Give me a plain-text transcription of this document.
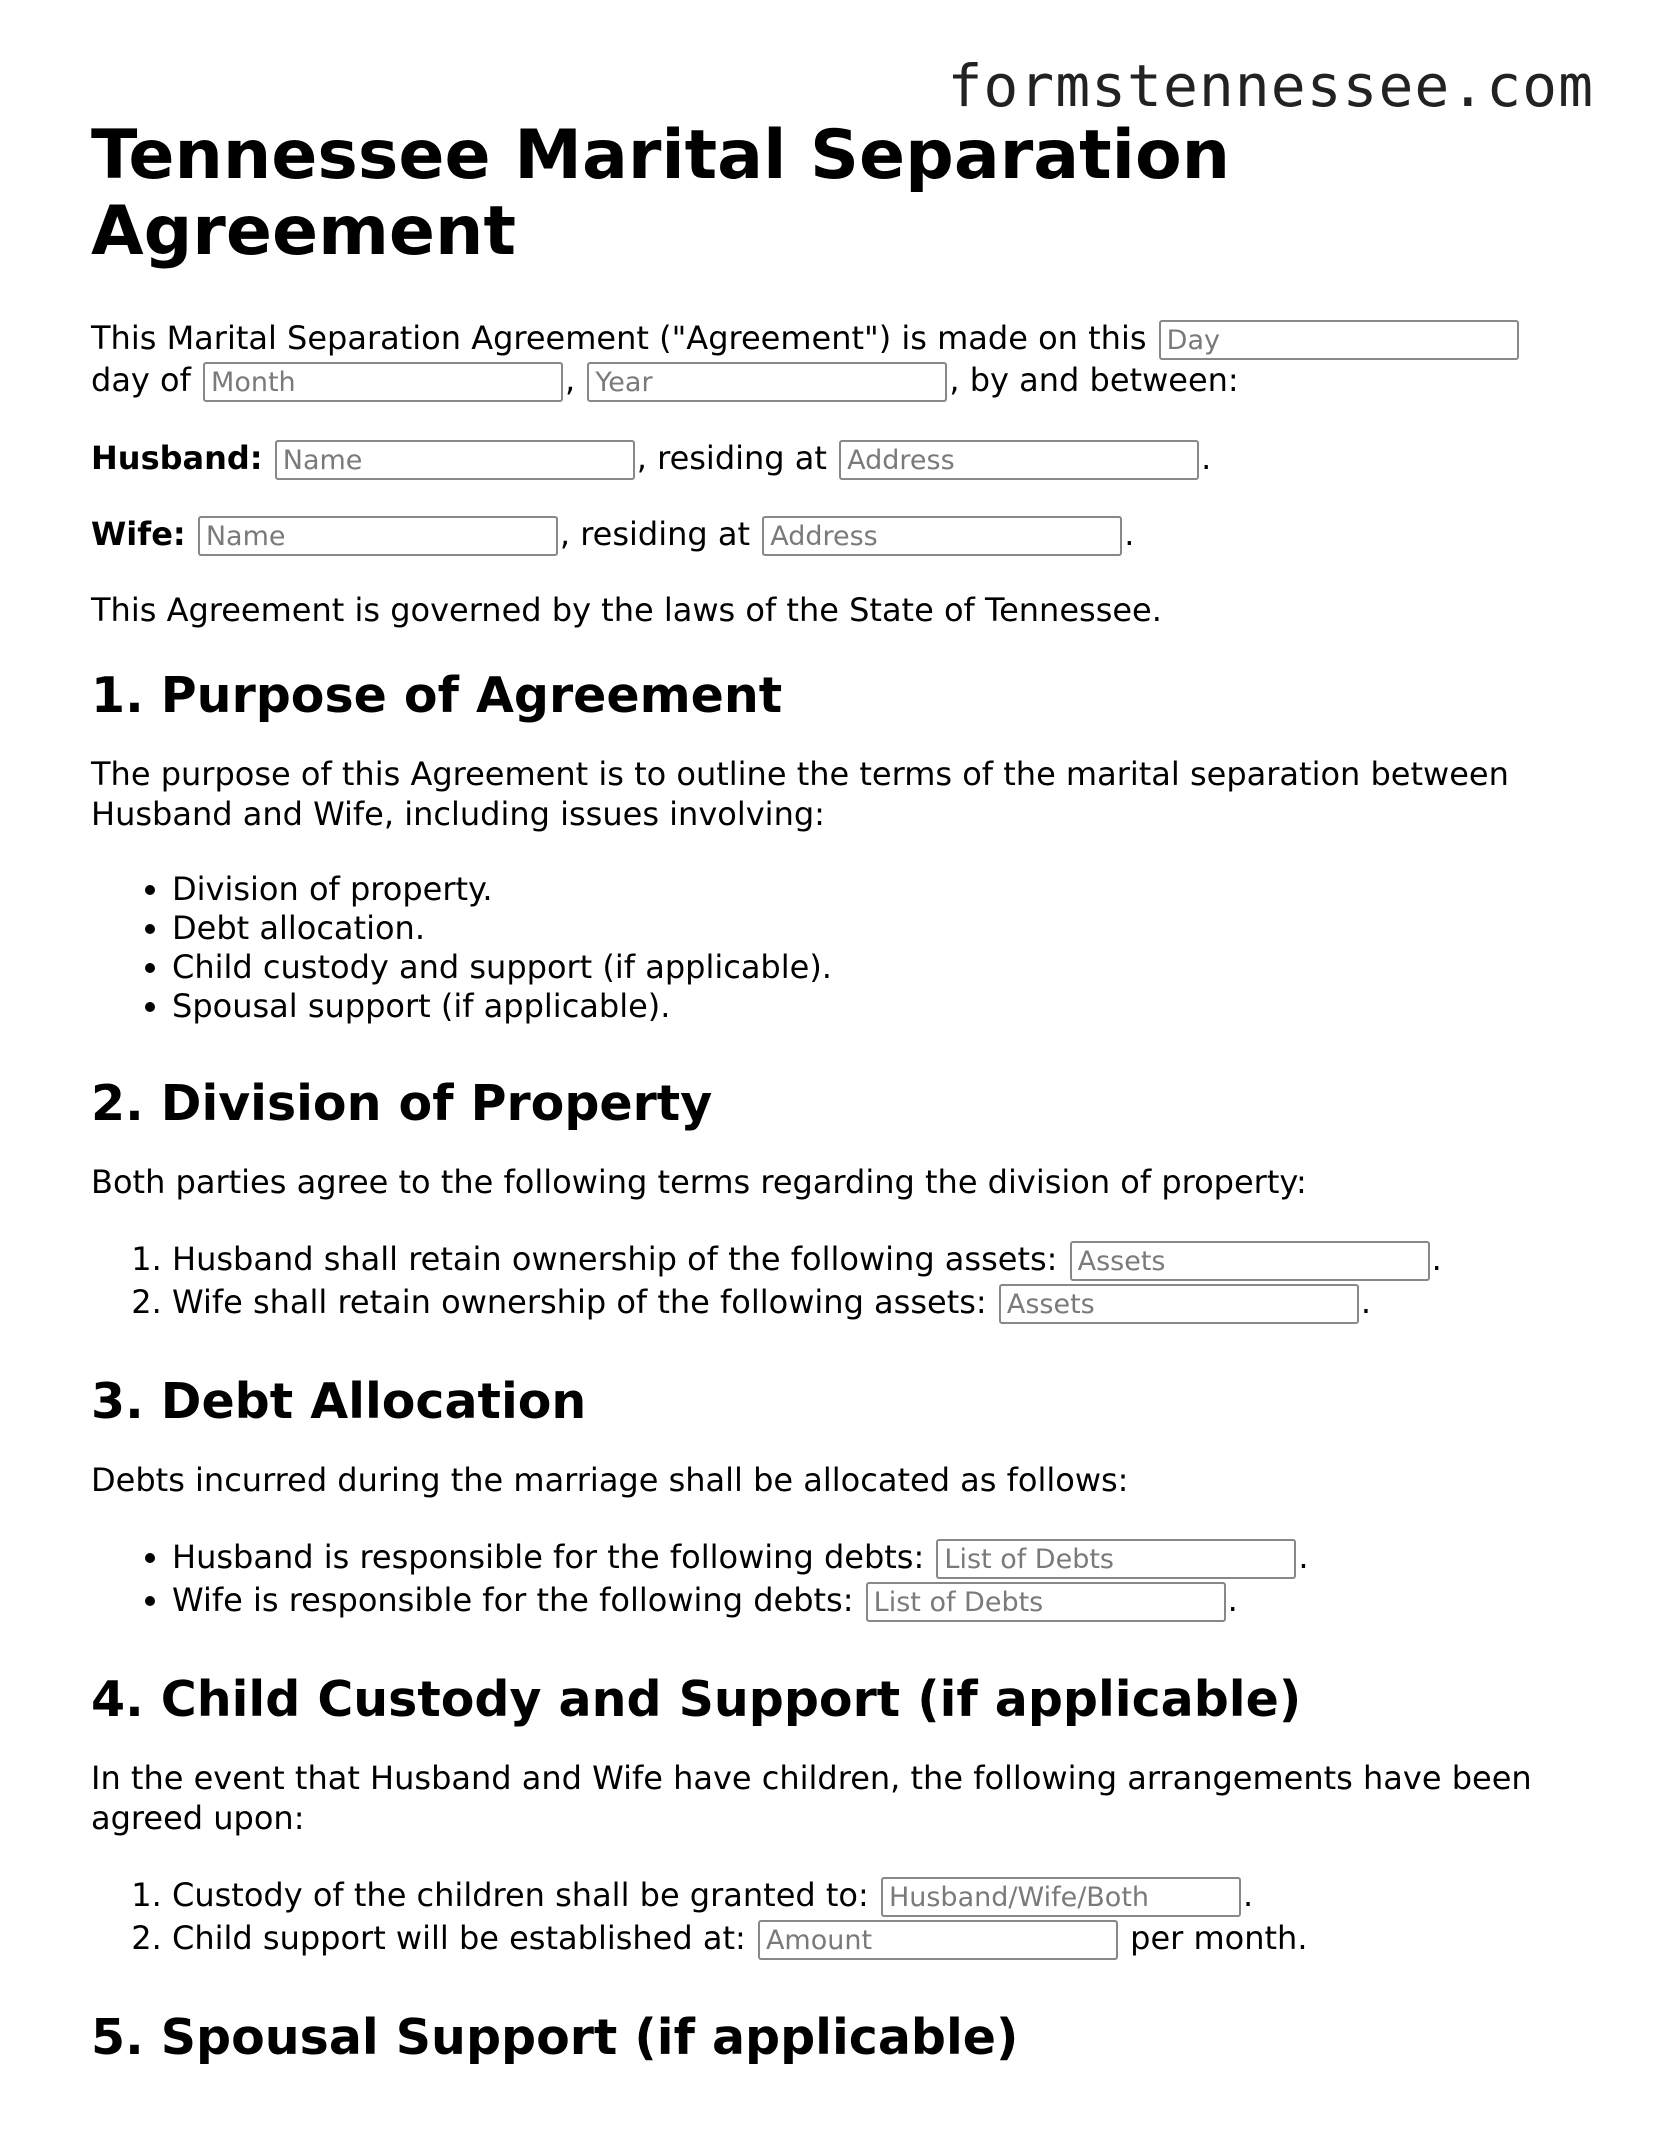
formstennessee.com
Tennessee Marital Separation Agreement

This Marital Separation Agreement ("Agreement") is made on this Day
day of Month	, Year	, by and between:

Husband: Name	, residing at Address	.
Wife: Name	, residing at Address	.

This Agreement is governed by the laws of the State of Tennessee.

1. Purpose of Agreement

The purpose of this Agreement is to outline the terms of the marital separation between Husband and Wife, including issues involving:

• Division of property.
• Debt allocation.
• Child custody and support (if applicable).
• Spousal support (if applicable).
2. Division of Property

Both parties agree to the following terms regarding the division of property:

1. Husband shall retain ownership of the following assets: Assets	.
2. Wife shall retain ownership of the following assets: Assets	.
3. Debt Allocation

Debts incurred during the marriage shall be allocated as follows:

• Husband is responsible for the following debts: List of Debts	.
• Wife is responsible for the following debts: List of Debts	.
4. Child Custody and Support (if applicable)

In the event that Husband and Wife have children, the following arrangements have been agreed upon:

1. Custody of the children shall be granted to: Husband/Wife/Both	.
2. Child support will be established at: Amount	per month.
5. Spousal Support (if applicable)
